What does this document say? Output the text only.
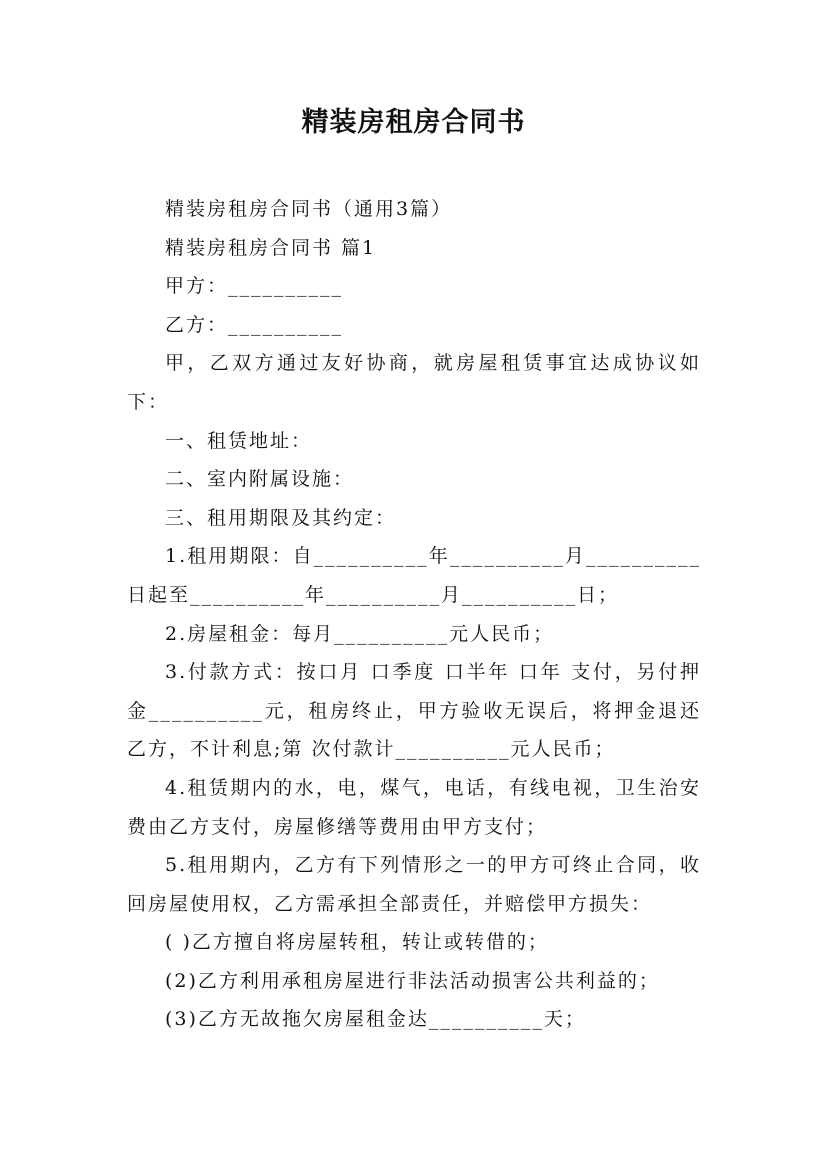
精装房租房合同书

精装房租房合同书（通用3篇）

精装房租房合同书 篇1

甲方：__________

乙方：__________

甲，乙双方通过友好协商，就房屋租赁事宜达成协议如下：

一、租赁地址：

二、室内附属设施：

三、租用期限及其约定：

1.租用期限：自__________年__________月__________日起至__________年__________月__________日；

2.房屋租金：每月__________元人民币；

3.付款方式：按口月 口季度 口半年 口年 支付，另付押金__________元，租房终止，甲方验收无误后，将押金退还乙方，不计利息;第 次付款计__________元人民币；

4.租赁期内的水，电，煤气，电话，有线电视，卫生治安费由乙方支付，房屋修缮等费用由甲方支付；

5.租用期内，乙方有下列情形之一的甲方可终止合同，收回房屋使用权，乙方需承担全部责任，并赔偿甲方损失：

( )乙方擅自将房屋转租，转让或转借的；

(2)乙方利用承租房屋进行非法活动损害公共利益的；

(3)乙方无故拖欠房屋租金达__________天；
